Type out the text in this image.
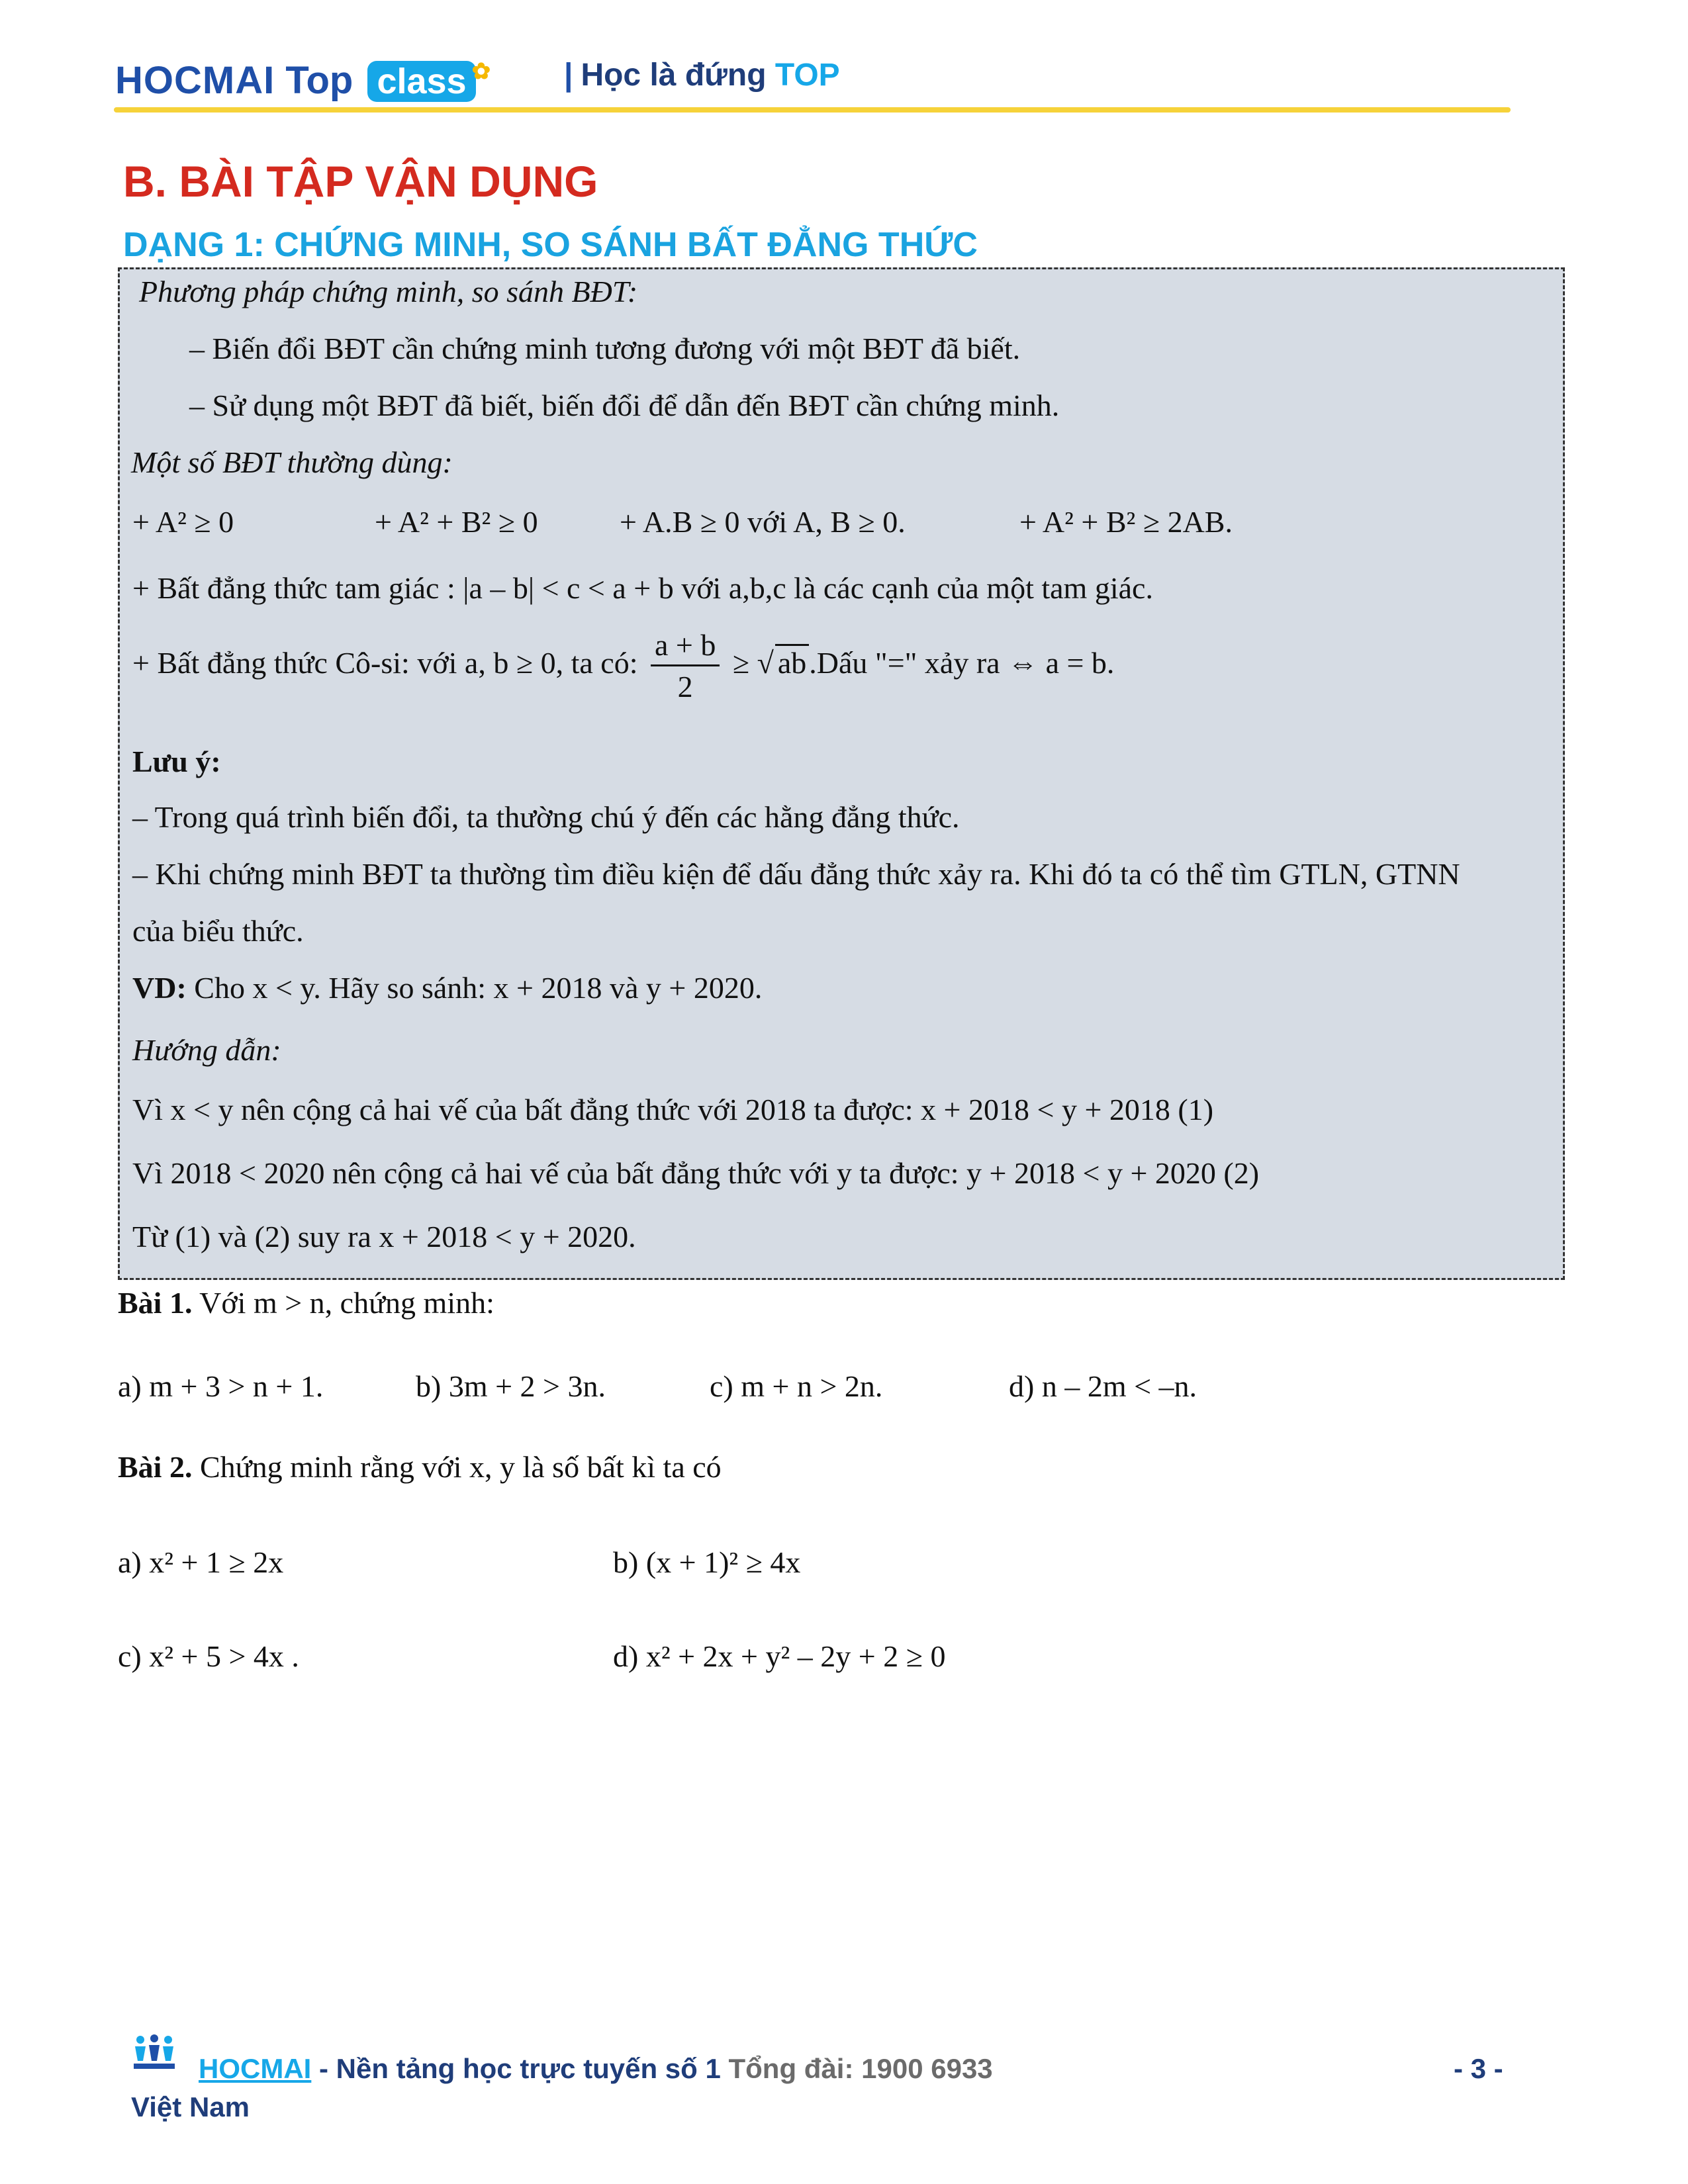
HOCMAI Top class ✿ | Học là đứng TOP
B. BÀI TẬP VẬN DỤNG
DẠNG 1: CHỨNG MINH, SO SÁNH BẤT ĐẲNG THỨC
Phương pháp chứng minh, so sánh BĐT:
– Biến đổi BĐT cần chứng minh tương đương với một BĐT đã biết.
– Sử dụng một BĐT đã biết, biến đổi để dẫn đến BĐT cần chứng minh.
Một số BĐT thường dùng:
+ A² ≥ 0	+ A² + B² ≥ 0	+ A.B ≥ 0 với A, B ≥ 0.	+ A² + B² ≥ 2AB.
+ Bất đẳng thức tam giác : |a – b| < c < a + b với a,b,c là các cạnh của một tam giác.
+ Bất đẳng thức Cô-si: với a, b ≥ 0, ta có: $\frac{a + b}{2}$ ≥ √ ab.Dấu "=" xảy ra ⇔ a = b.
Lưu ý:
– Trong quá trình biến đổi, ta thường chú ý đến các hằng đẳng thức.
– Khi chứng minh BĐT ta thường tìm điều kiện để dấu đẳng thức xảy ra. Khi đó ta có thể tìm GTLN, GTNN
của biểu thức.
VD: Cho x < y. Hãy so sánh: x + 2018 và y + 2020.
Hướng dẫn:
Vì x < y nên cộng cả hai vế của bất đẳng thức với 2018 ta được: x + 2018 < y + 2018 (1)
Vì 2018 < 2020 nên cộng cả hai vế của bất đẳng thức với y ta được: y + 2018 < y + 2020 (2)
Từ (1) và (2) suy ra x + 2018 < y + 2020.
Bài 1. Với m > n, chứng minh:
a) m + 3 > n + 1.	b) 3m + 2 > 3n.	c) m + n > 2n.	d) n – 2m < –n.
Bài 2. Chứng minh rằng với x, y là số bất kì ta có
a) x² + 1 ≥ 2x	b) (x + 1)² ≥ 4x
c) x² + 5 > 4x .	d) x² + 2x + y² – 2y + 2 ≥ 0
HOCMAI - Nền tảng học trực tuyến số 1 Tổng đài: 1900 6933
Việt Nam
- 3 -
